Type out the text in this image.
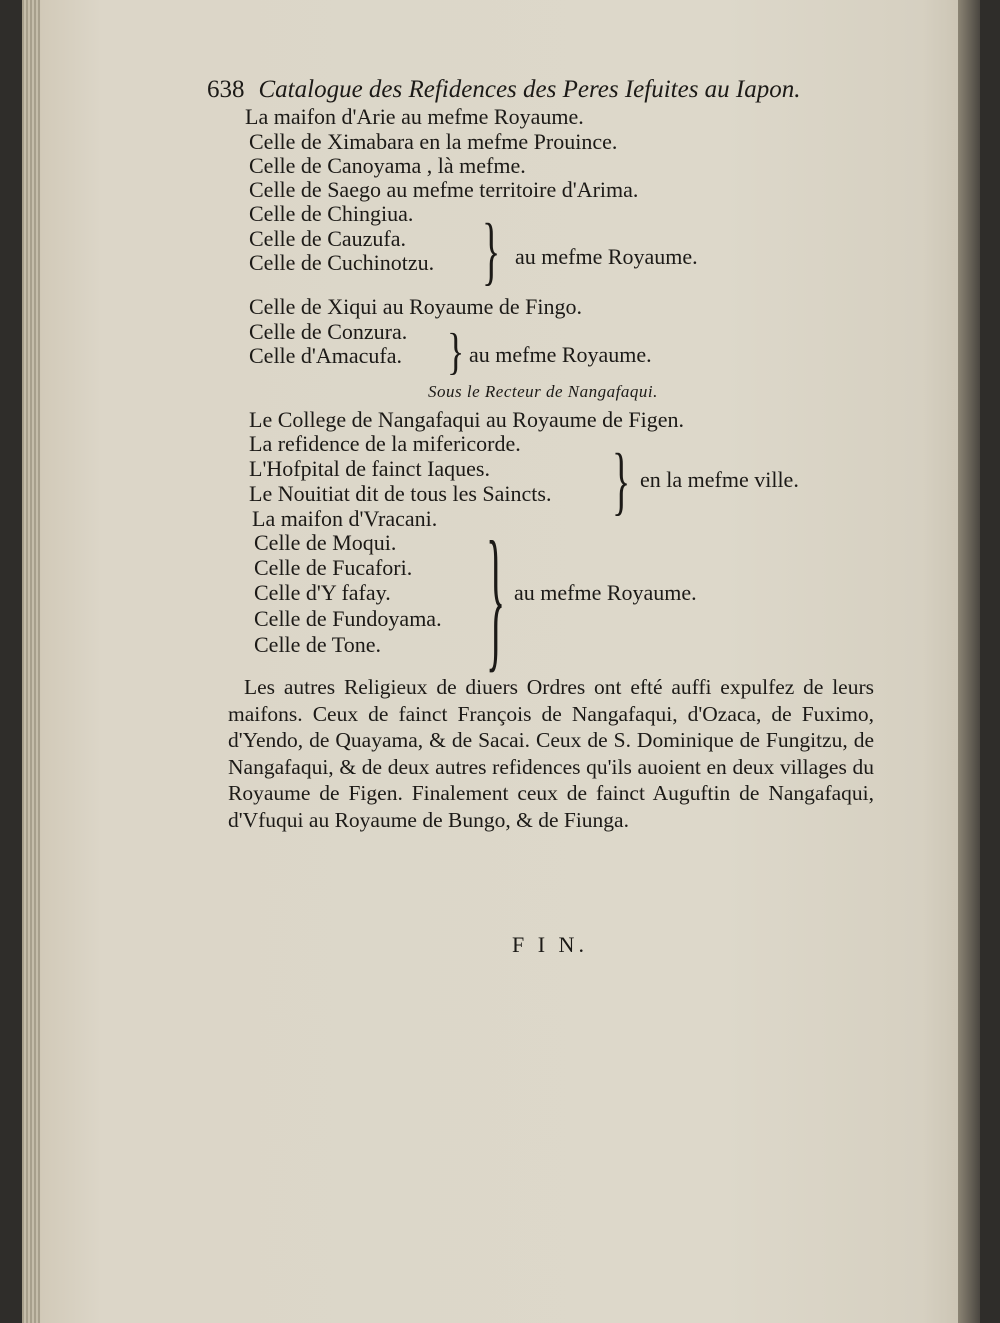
638 Catalogue des Refidences des Peres Iefuites au Iapon.
La maifon d'Arie au mefme Royaume.
Celle de Ximabara en la mefme Prouince.
Celle de Canoyama , là mefme.
Celle de Saego au mefme territoire d'Arima.
Celle de Chingiua.
Celle de Cauzufa.
Celle de Cuchinotzu. } au mefme Royaume.
Celle de Xiqui au Royaume de Fingo.
Celle de Conzura.
Celle d'Amacufa. } au mefme Royaume.
Sous le Recteur de Nangafaqui.
Le College de Nangafaqui au Royaume de Figen.
La refidence de la mifericorde.
L'Hofpital de fainct Iaques.
Le Nouitiat dit de tous les Saincts. } en la mefme ville.
La maifon d'Vracani.
Celle de Moqui.
Celle de Fucafori.
Celle d'Y fafay.
Celle de Fundoyama.
Celle de Tone.	} au mefme Royaume.
Les autres Religieux de diuers Ordres ont efté auffi expulfez de leurs maifons. Ceux de fainct François de Nangafaqui, d'Ozaca, de Fuximo, d'Yendo, de Quayama, & de Sacai. Ceux de S. Dominique de Fungitzu, de Nangafaqui, & de deux autres refidences qu'ils auoient en deux villages du Royaume de Figen. Finalement ceux de fainct Auguftin de Nangafaqui, d'Vfuqui au Royaume de Bungo, & de Fiunga.
F I N.
